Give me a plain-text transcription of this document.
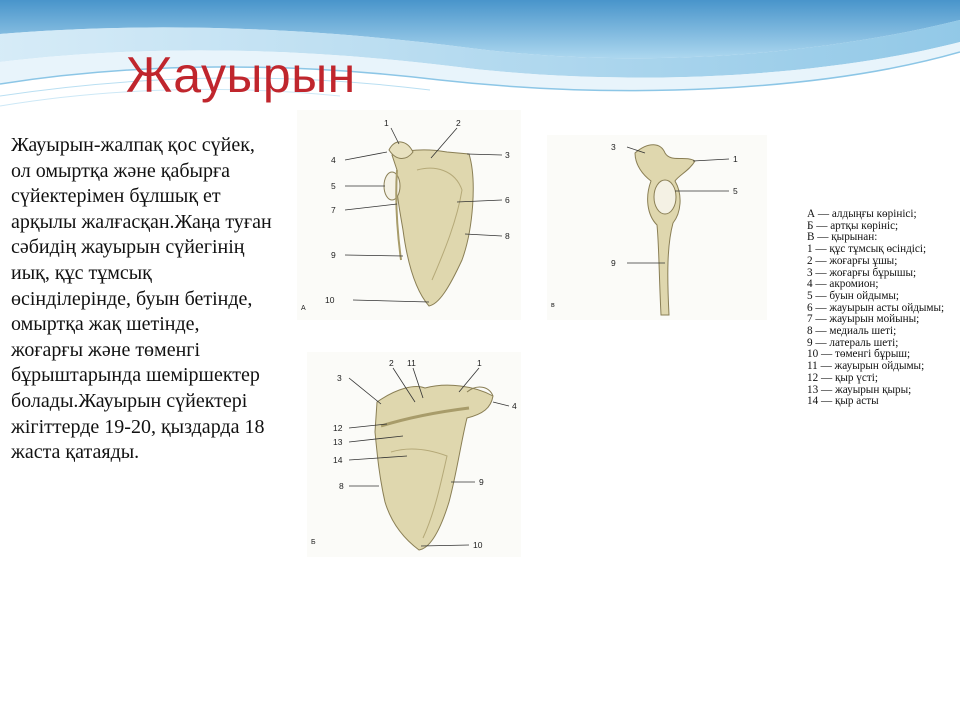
Жауырын

Жауырын-жалпақ қос сүйек, ол омыртқа және қабырға сүйектерімен бұлшық ет арқылы жалғасқан.Жаңа туған сәбидің жауырын сүйегінің иық, құс тұмсық өсінділерінде, буын бетінде, омыртқа жақ шетінде, жоғарғы және төменгі бұрыштарында шеміршектер болады.Жауырын сүйектері жігіттерде 19-20, қыздарда 18 жаста қатаяды.

1	2
3
4
5
6
7
8
9
10
А
3
1
5
9
в
3
2 11	1
4
12
13
14
8	9
10
Б
А — алдыңғы көрінісі;
Б — артқы көрініс;
В — қырынан:
1 — құс тұмсық өсіндісі;
2 — жоғарғы ұшы;
3 — жоғарғы бұрышы;
4 — акромион;
5 — буын ойдымы;
6 — жауырын асты ойдымы;
7 — жауырын мойыны;
8 — медиаль шеті;
9 — латераль шеті;
10 — төменгі бұрыш;
11 — жауырын ойдымы;
12 — қыр үсті;
13 — жауырын қыры;
14 — қыр асты
